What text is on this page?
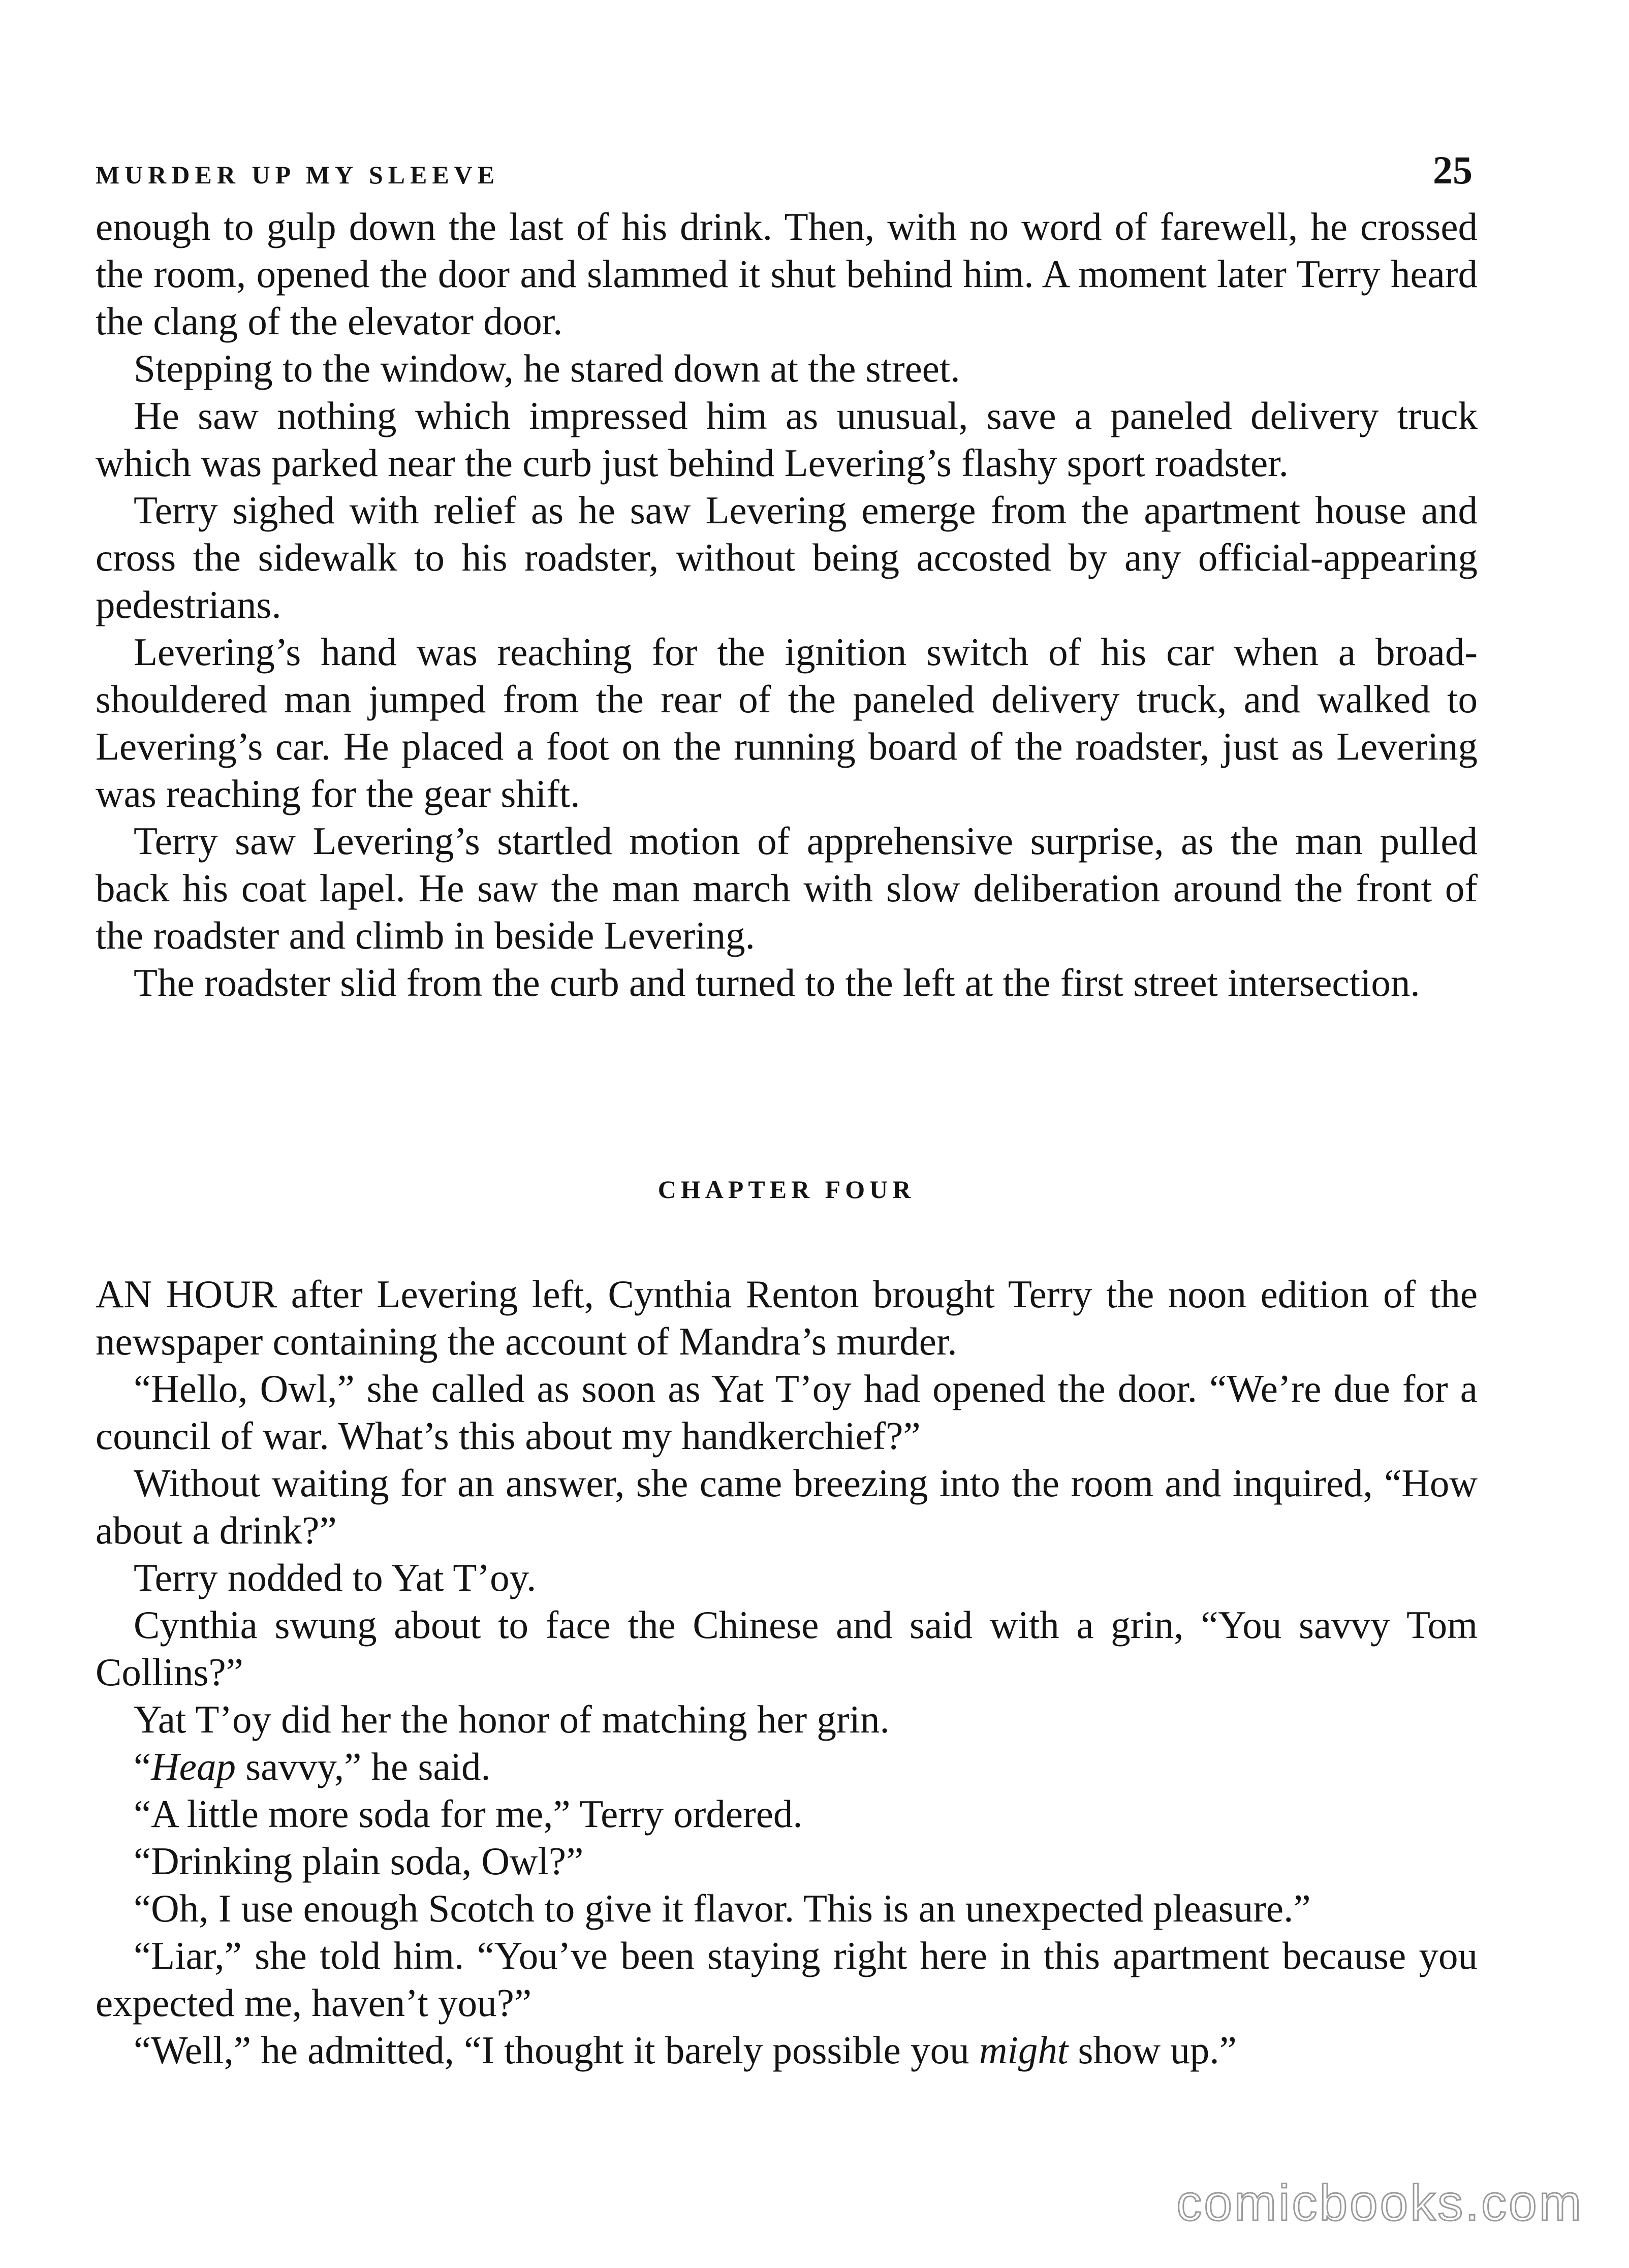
MURDER UP MY SLEEVE	25

enough to gulp down the last of his drink. Then, with no word of farewell, he crossed the room, opened the door and slammed it shut behind him. A moment later Terry heard the clang of the elevator door.

Stepping to the window, he stared down at the street.

He saw nothing which impressed him as unusual, save a paneled delivery truck which was parked near the curb just behind Levering’s flashy sport roadster.

Terry sighed with relief as he saw Levering emerge from the apartment house and cross the sidewalk to his roadster, without being accosted by any official-appearing pedestrians.

Levering’s hand was reaching for the ignition switch of his car when a broad-shouldered man jumped from the rear of the paneled delivery truck, and walked to Levering’s car. He placed a foot on the running board of the roadster, just as Levering was reaching for the gear shift.

Terry saw Levering’s startled motion of apprehensive surprise, as the man pulled back his coat lapel. He saw the man march with slow deliberation around the front of the roadster and climb in beside Levering.

The roadster slid from the curb and turned to the left at the first street intersection.

CHAPTER FOUR

AN HOUR after Levering left, Cynthia Renton brought Terry the noon edition of the newspaper containing the account of Mandra’s murder.

“Hello, Owl,” she called as soon as Yat T’oy had opened the door. “We’re due for a council of war. What’s this about my handkerchief?”

Without waiting for an answer, she came breezing into the room and inquired, “How about a drink?”

Terry nodded to Yat T’oy.

Cynthia swung about to face the Chinese and said with a grin, “You savvy Tom Collins?”

Yat T’oy did her the honor of matching her grin.

“Heap savvy,” he said.

“A little more soda for me,” Terry ordered.

“Drinking plain soda, Owl?”

“Oh, I use enough Scotch to give it flavor. This is an unexpected pleasure.”

“Liar,” she told him. “You’ve been staying right here in this apartment because you expected me, haven’t you?”

“Well,” he admitted, “I thought it barely possible you might show up.”

comicbooks.com
